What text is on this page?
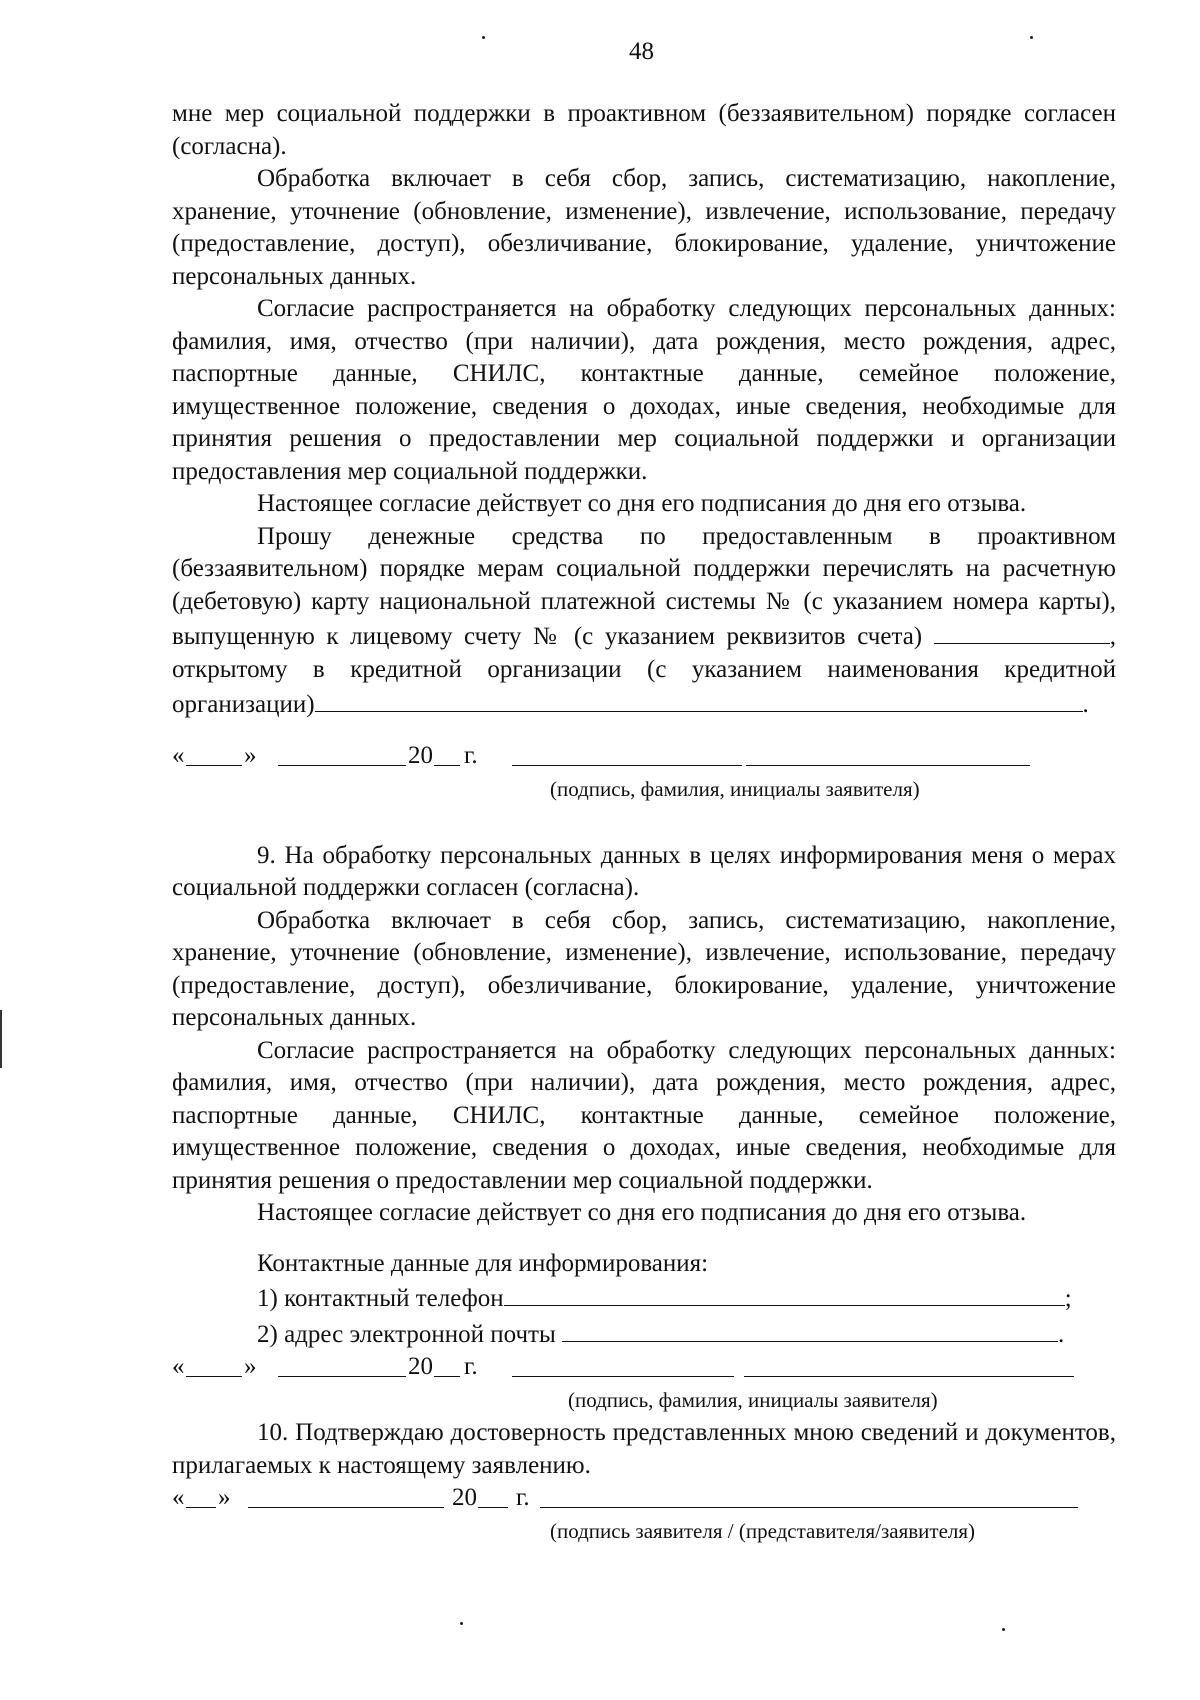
48

мне мер социальной поддержки в проактивном (беззаявительном) порядке согласен (согласна).

Обработка включает в себя сбор, запись, систематизацию, накопление, хранение, уточнение (обновление, изменение), извлечение, использование, передачу (предоставление, доступ), обезличивание, блокирование, удаление, уничтожение персональных данных.

Согласие распространяется на обработку следующих персональных данных: фамилия, имя, отчество (при наличии), дата рождения, место рождения, адрес, паспортные данные, СНИЛС, контактные данные, семейное положение, имущественное положение, сведения о доходах, иные сведения, необходимые для принятия решения о предоставлении мер социальной поддержки и организации предоставления мер социальной поддержки.

Настоящее согласие действует со дня его подписания до дня его отзыва.

Прошу денежные средства по предоставленным в проактивном (беззаявительном) порядке мерам социальной поддержки перечислять на расчетную (дебетовую) карту национальной платежной системы № (с указанием номера карты), выпущенную к лицевому счету № (с указанием реквизитов счета)	, открытому в кредитной организации (с указанием наименования кредитной организации)	.

« »	20 г.
(подпись, фамилия, инициалы заявителя)

9. На обработку персональных данных в целях информирования меня о мерах социальной поддержки согласен (согласна).

Обработка включает в себя сбор, запись, систематизацию, накопление, хранение, уточнение (обновление, изменение), извлечение, использование, передачу (предоставление, доступ), обезличивание, блокирование, удаление, уничтожение персональных данных.

Согласие распространяется на обработку следующих персональных данных: фамилия, имя, отчество (при наличии), дата рождения, место рождения, адрес, паспортные данные, СНИЛС, контактные данные, семейное положение, имущественное положение, сведения о доходах, иные сведения, необходимые для принятия решения о предоставлении мер социальной поддержки.

Настоящее согласие действует со дня его подписания до дня его отзыва.

Контактные данные для информирования:

1) контактный телефон	;
2) адрес электронной почты	.
« »	20 г.
(подпись, фамилия, инициалы заявителя)

10. Подтверждаю достоверность представленных мною сведений и документов, прилагаемых к настоящему заявлению.

« »	20 г.
(подпись заявителя / (представителя/заявителя)
